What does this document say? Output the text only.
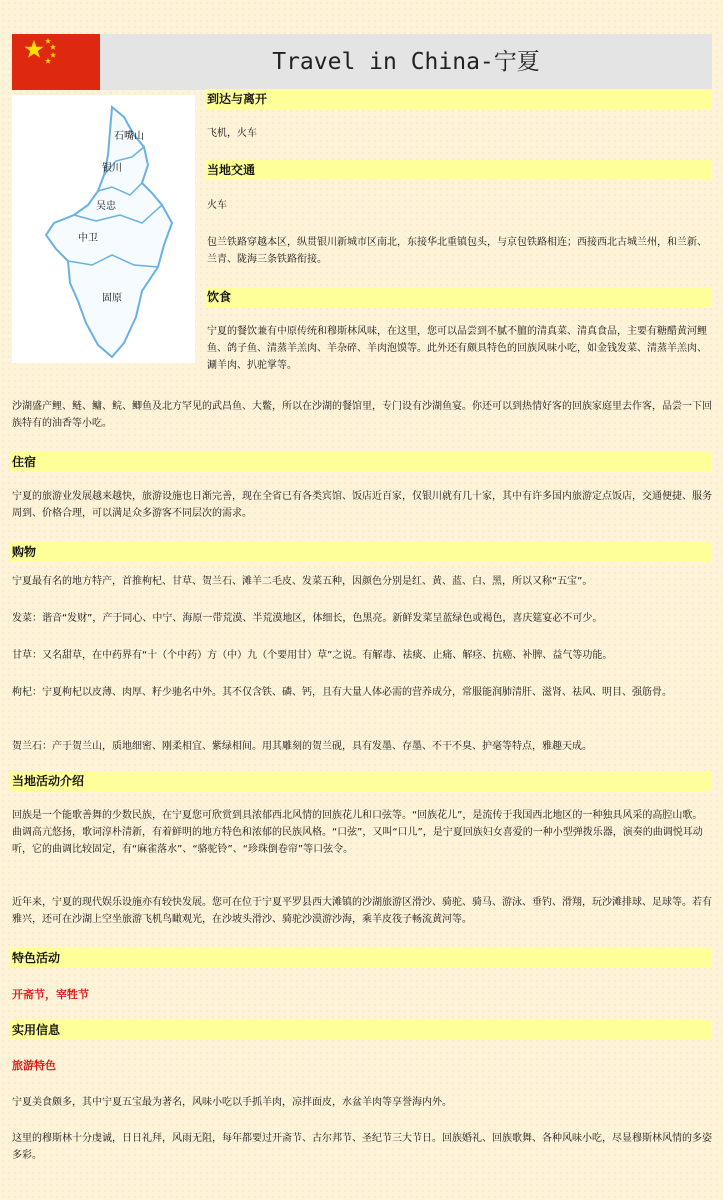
Travel in China-宁夏
石嘴山
银川
吴忠
中卫
固原
到达与离开
飞机，火车
当地交通
火车
包兰铁路穿越本区，纵贯银川新城市区南北，东接华北重镇包头，与京包铁路相连；西接西北古城兰州，和兰新、兰青、陇海三条铁路衔接。
饮食
宁夏的餐饮兼有中原传统和穆斯林风味，在这里，您可以品尝到不腻不膻的清真菜、清真食品，主要有糖醋黄河鲤鱼、鸽子鱼、清蒸羊羔肉、羊杂碎、羊肉泡馍等。此外还有颇具特色的回族风味小吃，如金钱发菜、清蒸羊羔肉、涮羊肉、扒驼掌等。
沙湖盛产鲤、鲢、鳙、鲩、鲫鱼及北方罕见的武昌鱼、大鳖，所以在沙湖的餐馆里，专门设有沙湖鱼宴。你还可以到热情好客的回族家庭里去作客，品尝一下回族特有的油香等小吃。
住宿
宁夏的旅游业发展越来越快，旅游设施也日渐完善，现在全省已有各类宾馆、饭店近百家，仅银川就有几十家，其中有许多国内旅游定点饭店，交通便捷、服务周到、价格合理，可以满足众多游客不同层次的需求。
购物
宁夏最有名的地方特产，首推枸杞、甘草、贺兰石、滩羊二毛皮、发菜五种，因颜色分别是红、黄、蓝、白、黑，所以又称“五宝”。
发菜：谐音“发财”，产于同心、中宁、海原一带荒漠、半荒漠地区，体细长，色黑亮。新鲜发菜呈蓝绿色或褐色，喜庆筵宴必不可少。
甘草：又名甜草，在中药界有“十（个中药）方（中）九（个要用甘）草”之说。有解毒、祛痰、止痛、解痉、抗癌、补脾、益气等功能。
枸杞：宁夏枸杞以皮薄、肉厚、籽少驰名中外。其不仅含铁、磷、钙，且有大量人体必需的营养成分，常服能润肺清肝、滋肾、祛风、明目、强筋骨。
贺兰石：产于贺兰山，质地细密、刚柔相宜、紫绿相间。用其雕刻的贺兰砚，具有发墨、存墨、不干不臭、护毫等特点，雅趣天成。
当地活动介绍
回族是一个能歌善舞的少数民族，在宁夏您可欣赏到具浓郁西北风情的回族花儿和口弦等。“回族花儿”，是流传于我国西北地区的一种独具风采的高腔山歌。曲调高亢悠扬，歌词淳朴清新，有着鲜明的地方特色和浓郁的民族风格。“口弦”，又叫“口儿”，是宁夏回族妇女喜爱的一种小型弹拨乐器，演奏的曲调悦耳动听，它的曲调比较固定，有“麻雀落水”、“骆驼铃”、“珍珠倒卷帘”等口弦令。
近年来，宁夏的现代娱乐设施亦有较快发展。您可在位于宁夏平罗县西大滩镇的沙湖旅游区滑沙、骑驼、骑马、游泳、垂钓、滑翔，玩沙滩排球、足球等。若有雅兴，还可在沙湖上空坐旅游飞机鸟瞰观光，在沙坡头滑沙、骑驼沙漠游沙海，乘羊皮筏子畅流黄河等。
特色活动
开斋节，宰牲节
实用信息
旅游特色
宁夏美食颇多，其中宁夏五宝最为著名，风味小吃以手抓羊肉，凉拌面皮，水盆羊肉等享誉海内外。
这里的穆斯林十分虔诚，日日礼拜，风雨无阻，每年都要过开斋节、古尔邦节、圣纪节三大节日。回族婚礼、回族歌舞、各种风味小吃，尽显穆斯林风情的多姿多彩。
